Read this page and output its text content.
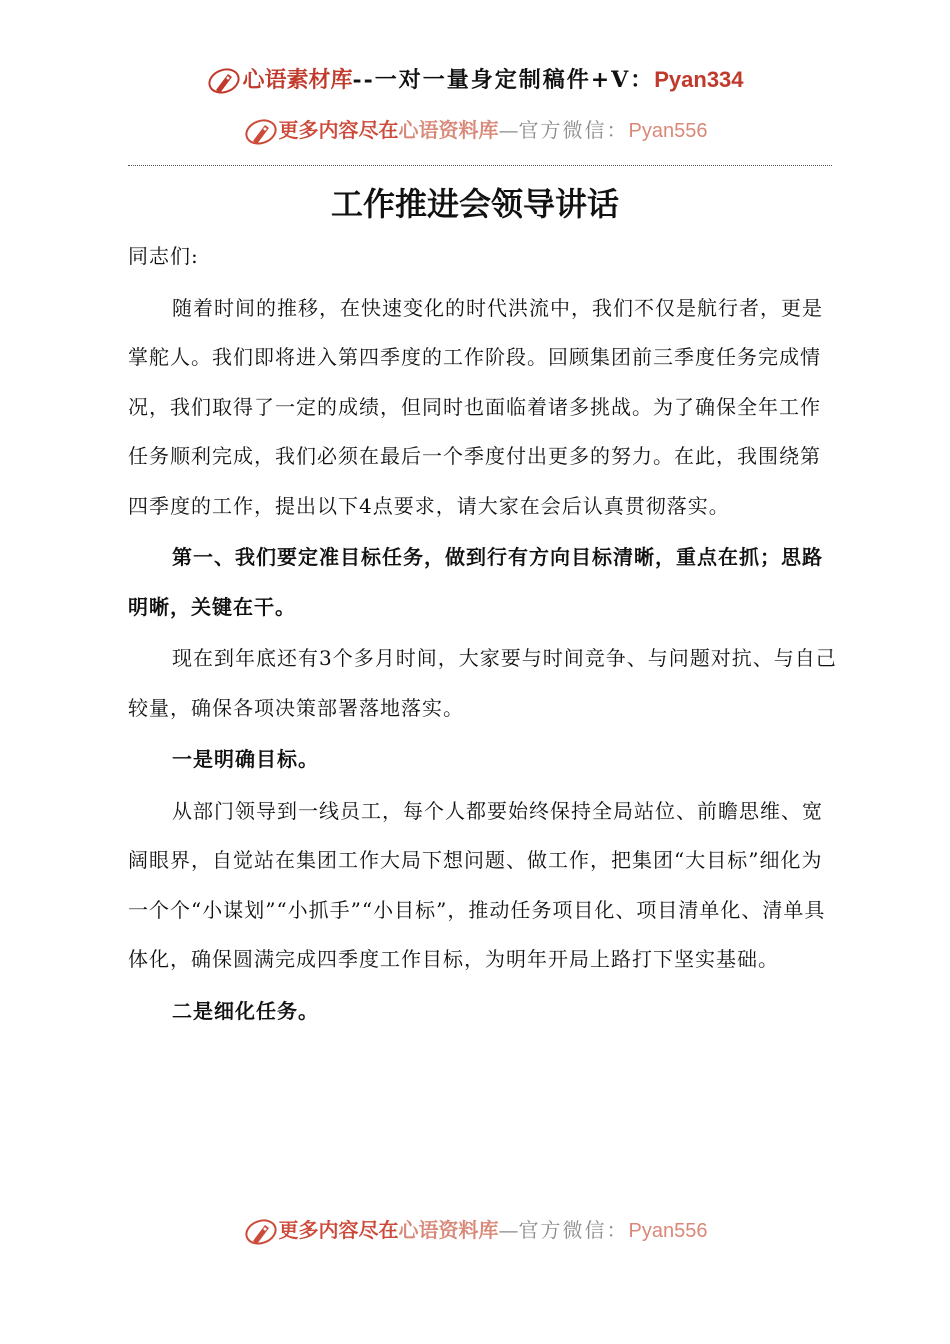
心语素材库--一对一量身定制稿件+V：Pyan334
更多内容尽在心语资料库—官方微信：Pyan556
工作推进会领导讲话

同志们:

随着时间的推移，在快速变化的时代洪流中，我们不仅是航行者，更是掌舵人。我们即将进入第四季度的工作阶段。回顾集团前三季度任务完成情况，我们取得了一定的成绩，但同时也面临着诸多挑战。为了确保全年工作任务顺利完成，我们必须在最后一个季度付出更多的努力。在此，我围绕第四季度的工作，提出以下4点要求，请大家在会后认真贯彻落实。

第一、我们要定准目标任务，做到行有方向目标清晰，重点在抓；思路明晰，关键在干。

现在到年底还有3个多月时间，大家要与时间竞争、与问题对抗、与自己较量，确保各项决策部署落地落实。

一是明确目标。

从部门领导到一线员工，每个人都要始终保持全局站位、前瞻思维、宽阔眼界，自觉站在集团工作大局下想问题、做工作，把集团“大目标”细化为一个个“小谋划”“小抓手”“小目标”，推动任务项目化、项目清单化、清单具体化，确保圆满完成四季度工作目标，为明年开局上路打下坚实基础。

二是细化任务。

更多内容尽在心语资料库—官方微信：Pyan556
